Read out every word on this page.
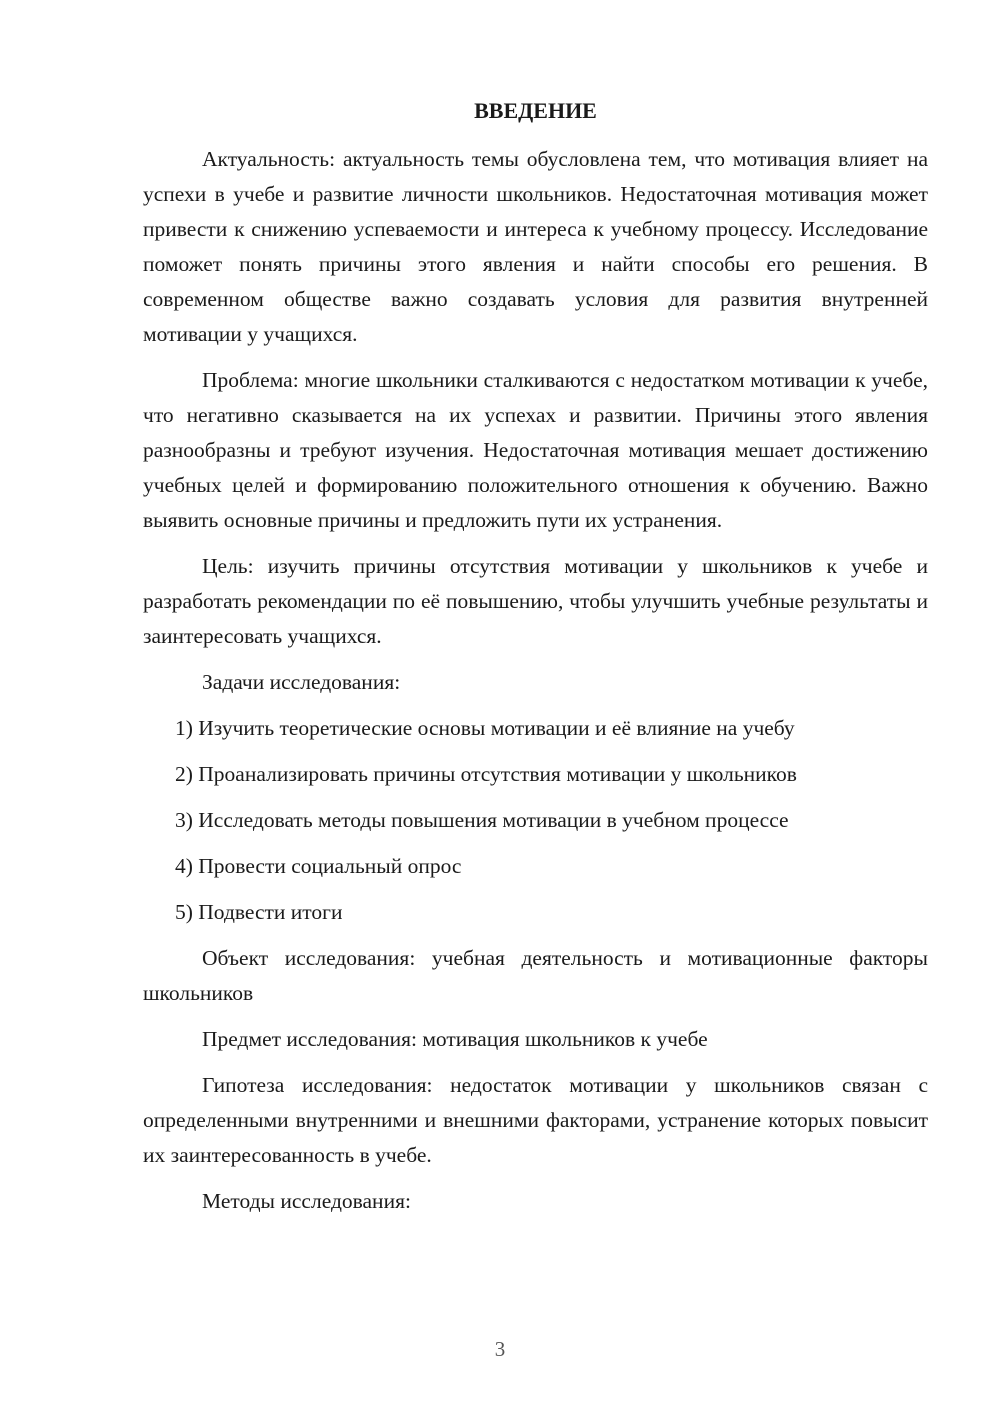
ВВЕДЕНИЕ

Актуальность: актуальность темы обусловлена тем, что мотивация влияет на успехи в учебе и развитие личности школьников. Недостаточная мотивация может привести к снижению успеваемости и интереса к учебному процессу. Исследование поможет понять причины этого явления и найти способы его решения. В современном обществе важно создавать условия для развития внутренней мотивации у учащихся.

Проблема: многие школьники сталкиваются с недостатком мотивации к учебе, что негативно сказывается на их успехах и развитии. Причины этого явления разнообразны и требуют изучения. Недостаточная мотивация мешает достижению учебных целей и формированию положительного отношения к обучению. Важно выявить основные причины и предложить пути их устранения.

Цель: изучить причины отсутствия мотивации у школьников к учебе и разработать рекомендации по её повышению, чтобы улучшить учебные результаты и заинтересовать учащихся.

Задачи исследования:

1) Изучить теоретические основы мотивации и её влияние на учебу

2) Проанализировать причины отсутствия мотивации у школьников

3) Исследовать методы повышения мотивации в учебном процессе

4) Провести социальный опрос

5) Подвести итоги

Объект исследования: учебная деятельность и мотивационные факторы школьников

Предмет исследования: мотивация школьников к учебе

Гипотеза исследования: недостаток мотивации у школьников связан с определенными внутренними и внешними факторами, устранение которых повысит их заинтересованность в учебе.

Методы исследования:

3
